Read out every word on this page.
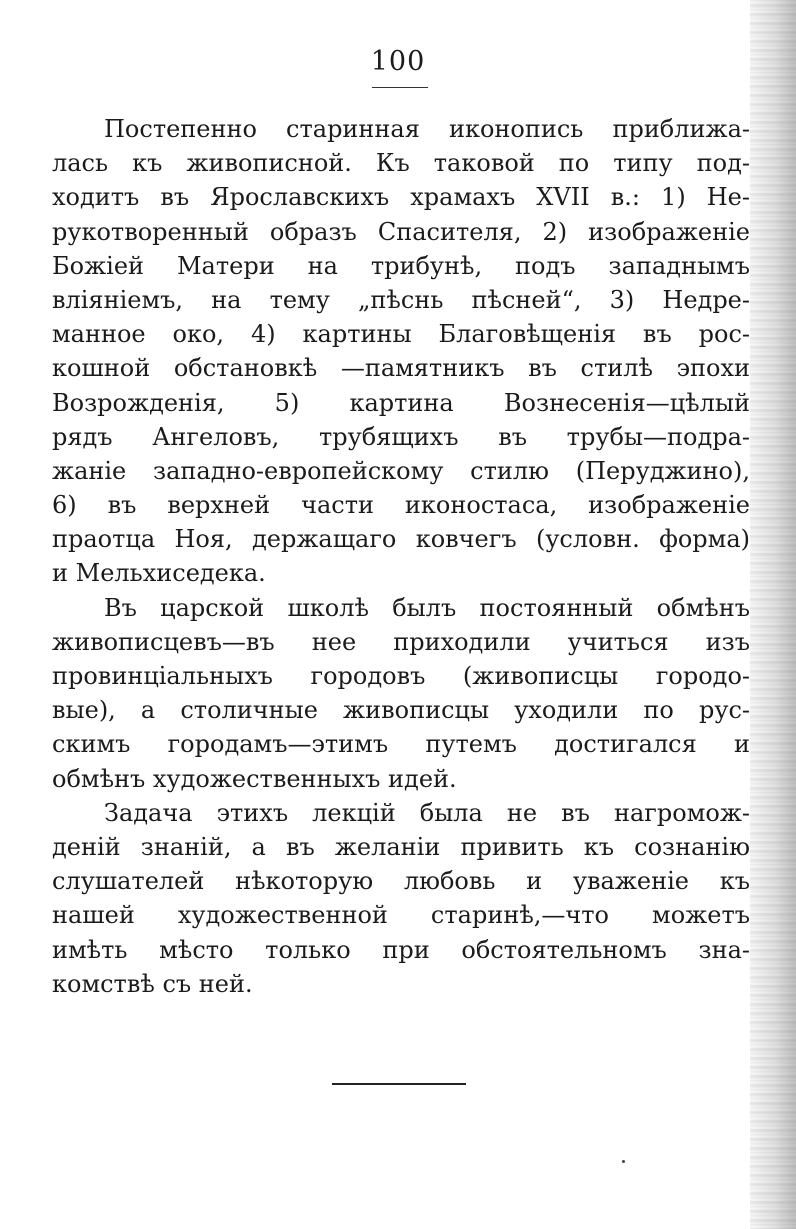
100
Постепенно старинная иконопись приближа-
лась къ живописной. Къ таковой по типу под-
ходитъ въ Ярославскихъ храмахъ XVII в.: 1) Не-
рукотворенный образъ Спасителя, 2) изображеніе
Божіей Матери на трибунѣ, подъ западнымъ
вліяніемъ, на тему „пѣснь пѣсней“, 3) Недре-
манное око, 4) картины Благовѣщенія въ рос-
кошной обстановкѣ —памятникъ въ стилѣ эпохи
Возрожденія, 5) картина Вознесенія—цѣлый
рядъ Ангеловъ, трубящихъ въ трубы—подра-
жаніе западно-европейскому стилю (Перуджино),
6) въ верхней части иконостаса, изображеніе
праотца Ноя, держащаго ковчегъ (условн. форма)
и Мельхиседека.
Въ царской школѣ былъ постоянный обмѣнъ
живописцевъ—въ нее приходили учиться изъ
провинціальныхъ городовъ (живописцы городо-
вые), а столичные живописцы уходили по рус-
скимъ городамъ—этимъ путемъ достигался и
обмѣнъ художественныхъ идей.
Задача этихъ лекцій была не въ нагромож-
деній знаній, а въ желаніи привить къ сознанію
слушателей нѣкоторую любовь и уваженіе къ
нашей художественной старинѣ,—что можетъ
имѣть мѣсто только при обстоятельномъ зна-
комствѣ съ ней.
